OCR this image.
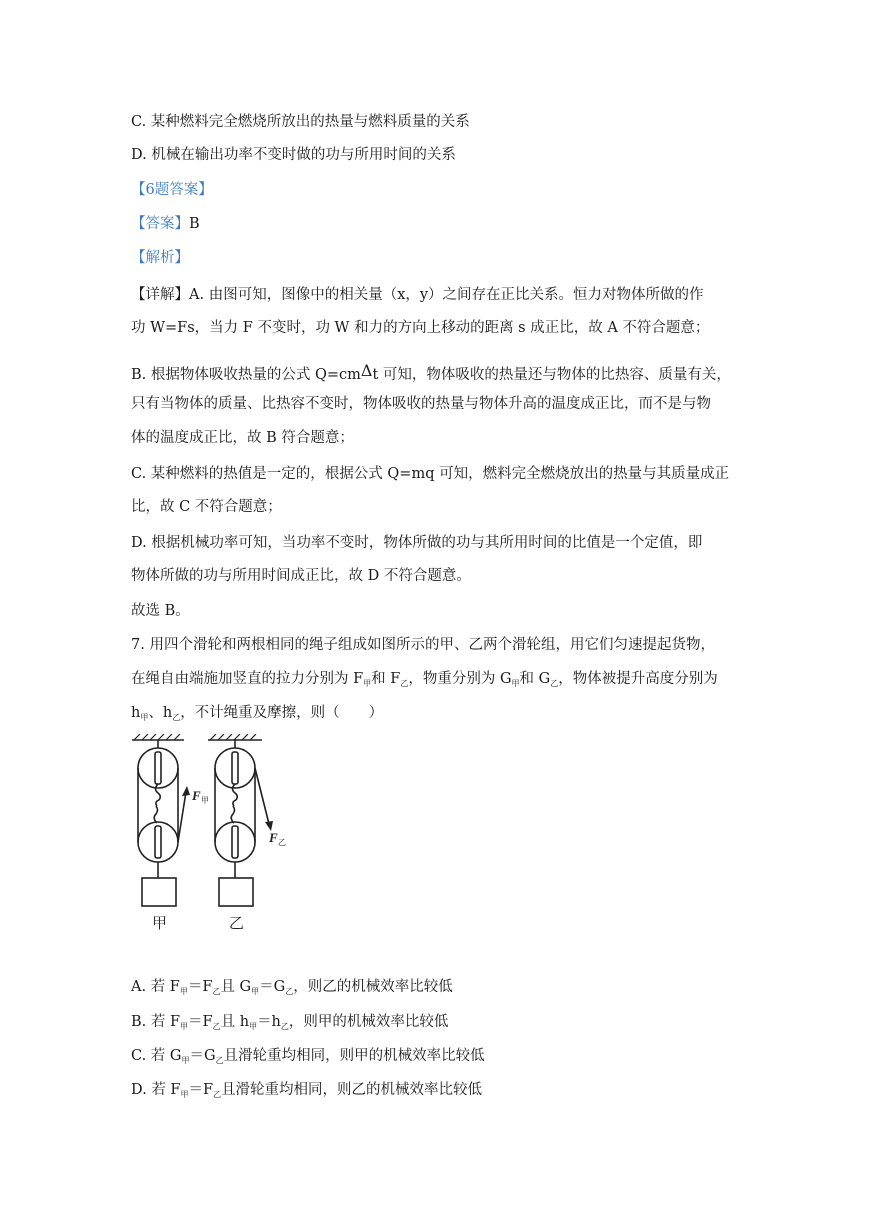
C. 某种燃料完全燃烧所放出的热量与燃料质量的关系
D. 机械在输出功率不变时做的功与所用时间的关系
【6题答案】
【答案】B
【解析】
【详解】A. 由图可知，图像中的相关量（x，y）之间存在正比关系。恒力对物体所做的作
功 W=Fs，当力 F 不变时，功 W 和力的方向上移动的距离 s 成正比，故 A 不符合题意；
B. 根据物体吸收热量的公式 Q=cmΔt 可知，物体吸收的热量还与物体的比热容、质量有关，
只有当物体的质量、比热容不变时，物体吸收的热量与物体升高的温度成正比，而不是与物
体的温度成正比，故 B 符合题意；
C. 某种燃料的热值是一定的，根据公式 Q=mq 可知，燃料完全燃烧放出的热量与其质量成正
比，故 C 不符合题意；
D. 根据机械功率可知，当功率不变时，物体所做的功与其所用时间的比值是一个定值，即
物体所做的功与所用时间成正比，故 D 不符合题意。
故选 B。
7. 用四个滑轮和两根相同的绳子组成如图所示的甲、乙两个滑轮组，用它们匀速提起货物，
在绳自由端施加竖直的拉力分别为 $F_甲$和 $F_乙$，物重分别为 $G_甲$和 $G_乙$，物体被提升高度分别为
$h_甲$、$h_乙$，不计绳重及摩擦，则（　　）
F 甲
F 乙
甲	乙
A. 若 $F_甲=F_乙$且 $G_甲=G_乙$，则乙的机械效率比较低
B. 若 $F_甲=F_乙$且 $h_甲=h_乙$，则甲的机械效率比较低
C. 若 $G_甲=G_乙$且滑轮重均相同，则甲的机械效率比较低
D. 若 $F_甲=F_乙$且滑轮重均相同，则乙的机械效率比较低
